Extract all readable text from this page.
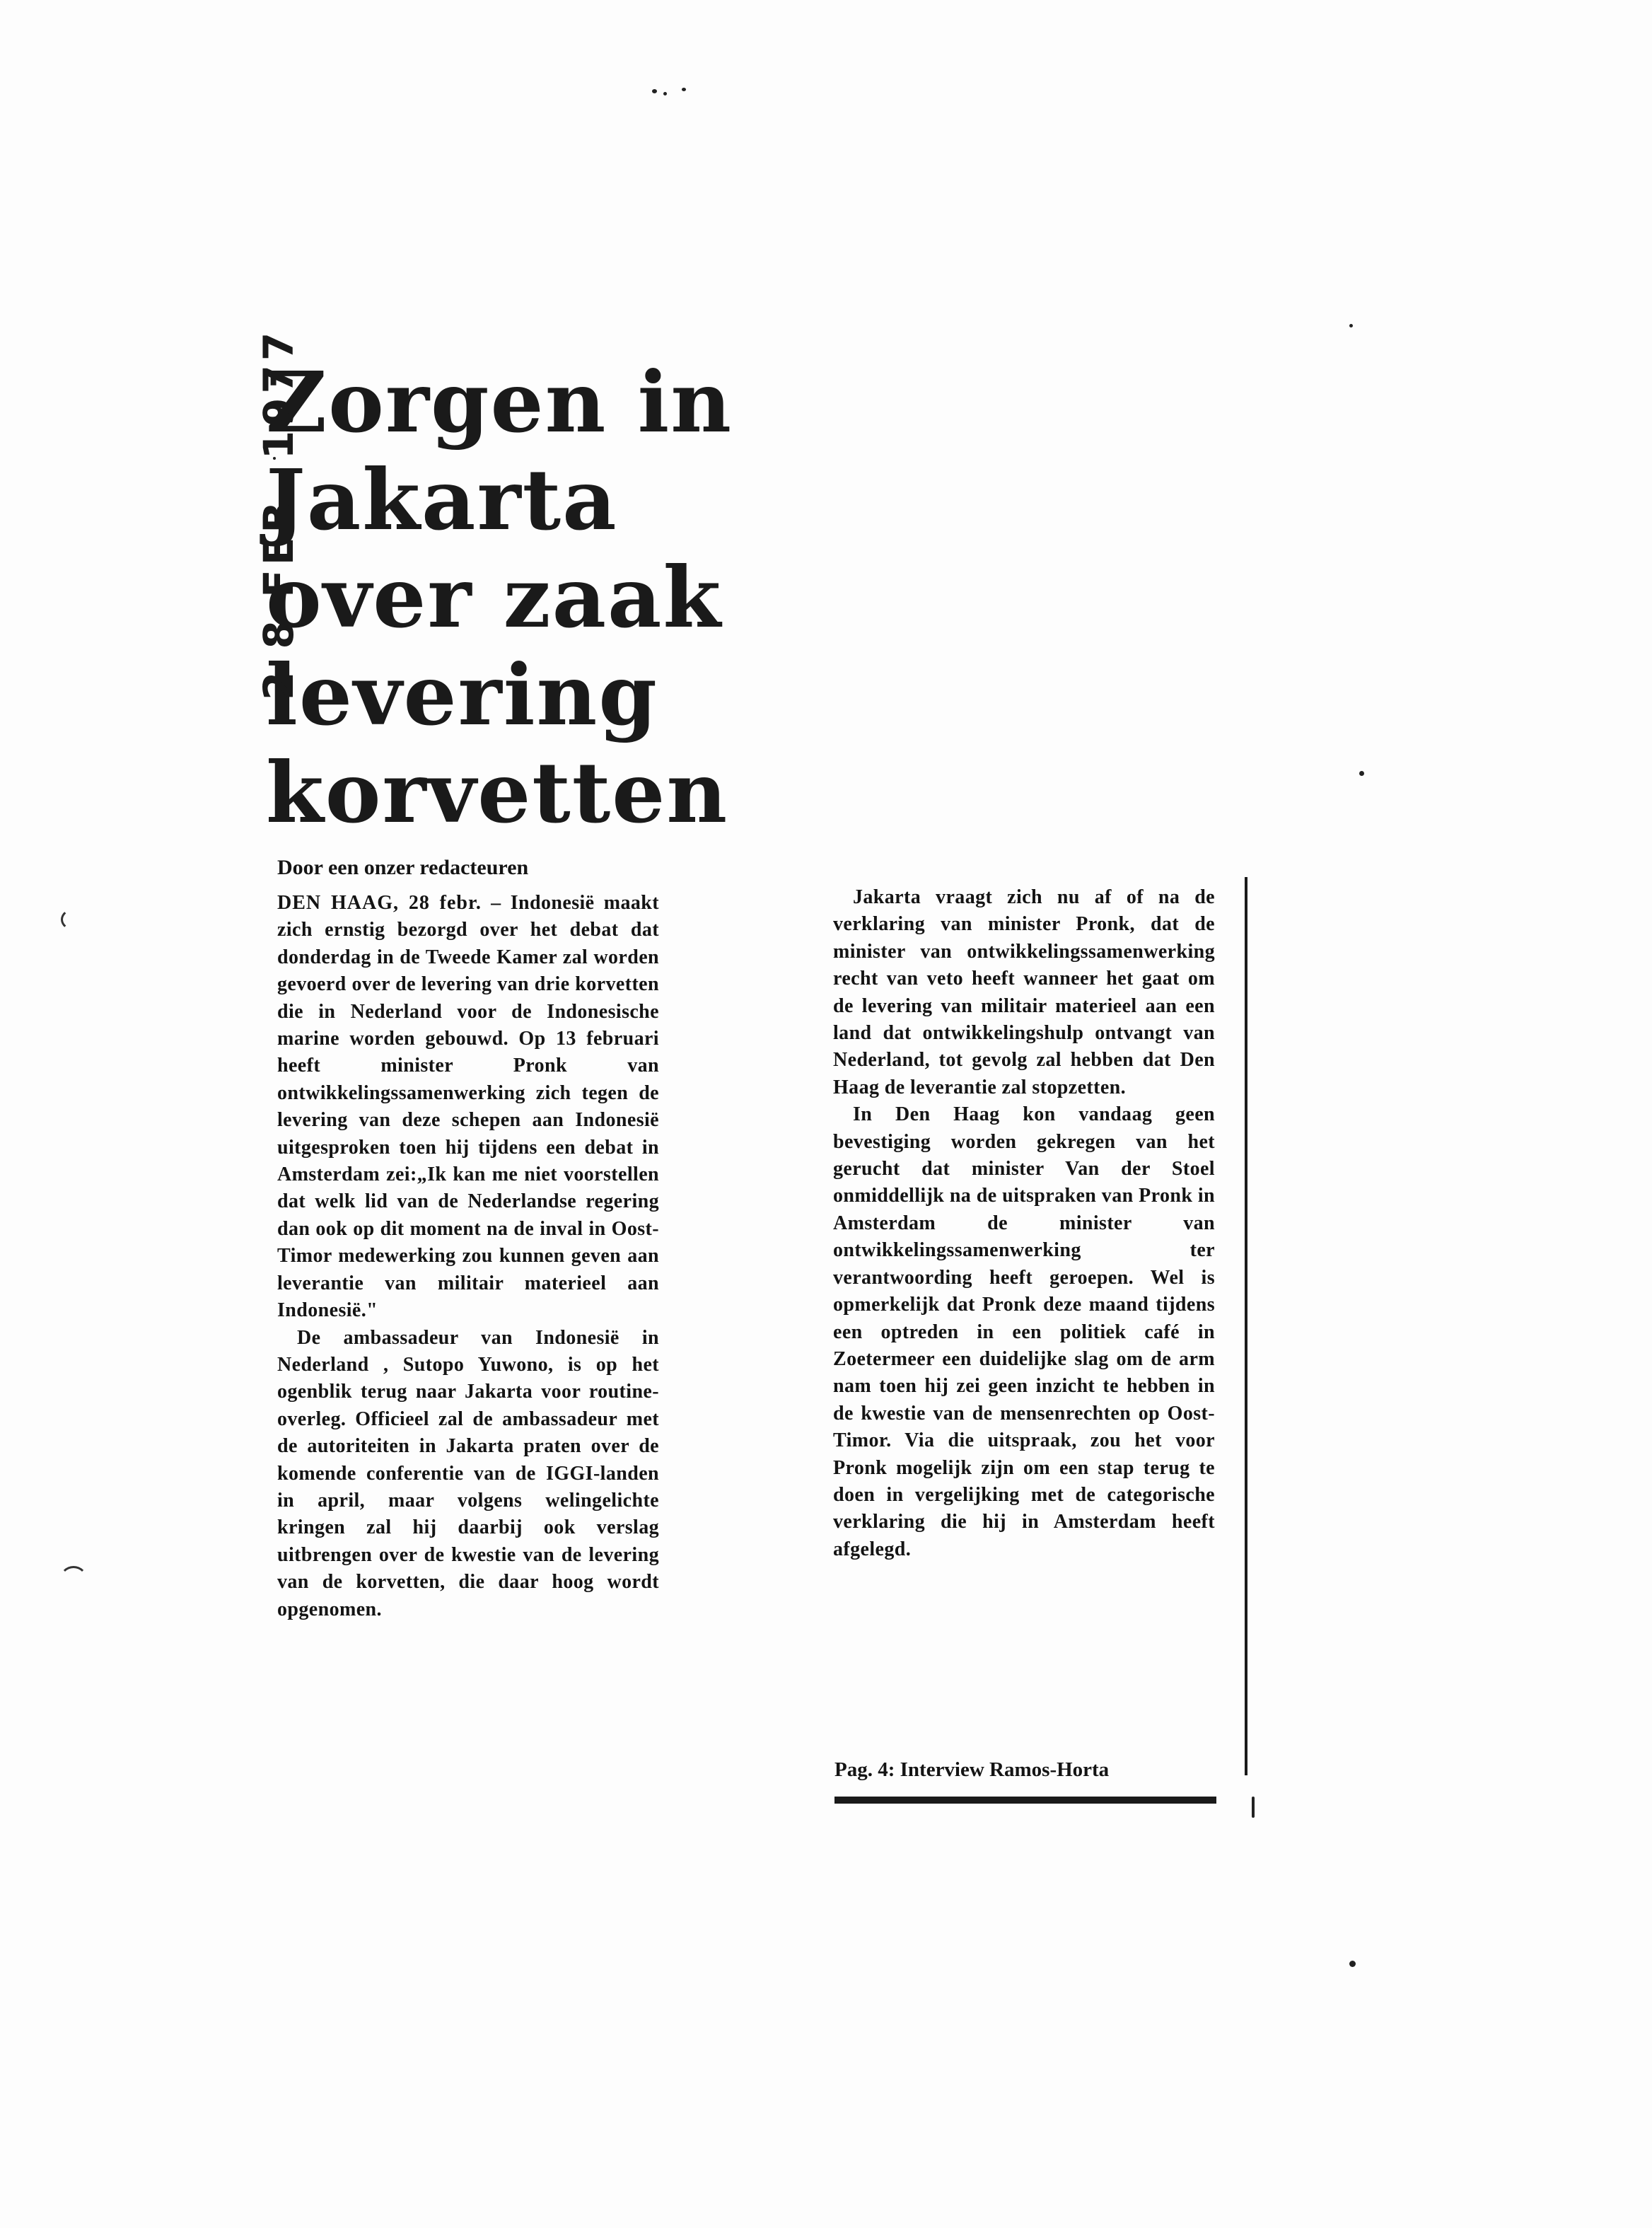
Zorgen in
Jakarta
over zaak
levering
korvetten
2 8 FEB. 1977
Door een onzer redacteuren

DEN HAAG, 28 febr. – Indonesië maakt zich ernstig bezorgd over het debat dat donderdag in de Tweede Kamer zal worden gevoerd over de levering van drie korvetten die in Nederland voor de Indonesische marine worden gebouwd. Op 13 februari heeft minister Pronk van ontwikkelingssamenwerking zich tegen de levering van deze schepen aan Indonesië uitgesproken toen hij tijdens een debat in Amsterdam zei:„Ik kan me niet voorstellen dat welk lid van de Nederlandse regering dan ook op dit moment na de inval in Oost-Timor medewerking zou kunnen geven aan leverantie van militair materieel aan Indonesië."

De ambassadeur van Indonesië in Nederland , Sutopo Yuwono, is op het ogenblik terug naar Jakarta voor routine-overleg. Officieel zal de ambassadeur met de autoriteiten in Jakarta praten over de komende conferentie van de IGGI-landen in april, maar volgens welingelichte kringen zal hij daarbij ook verslag uitbrengen over de kwestie van de levering van de korvetten, die daar hoog wordt opgenomen.

Jakarta vraagt zich nu af of na de verklaring van minister Pronk, dat de minister van ontwikkelingssamenwerking recht van veto heeft wanneer het gaat om de levering van militair materieel aan een land dat ontwikkelingshulp ontvangt van Nederland, tot gevolg zal hebben dat Den Haag de leverantie zal stopzetten.

In Den Haag kon vandaag geen bevestiging worden gekregen van het gerucht dat minister Van der Stoel onmiddellijk na de uitspraken van Pronk in Amsterdam de minister van ontwikkelingssamenwerking ter verantwoording heeft geroepen. Wel is opmerkelijk dat Pronk deze maand tijdens een optreden in een politiek café in Zoetermeer een duidelijke slag om de arm nam toen hij zei geen inzicht te hebben in de kwestie van de mensenrechten op Oost-Timor. Via die uitspraak, zou het voor Pronk mogelijk zijn om een stap terug te doen in vergelijking met de categorische verklaring die hij in Amsterdam heeft afgelegd.

Pag. 4: Interview Ramos-Horta
